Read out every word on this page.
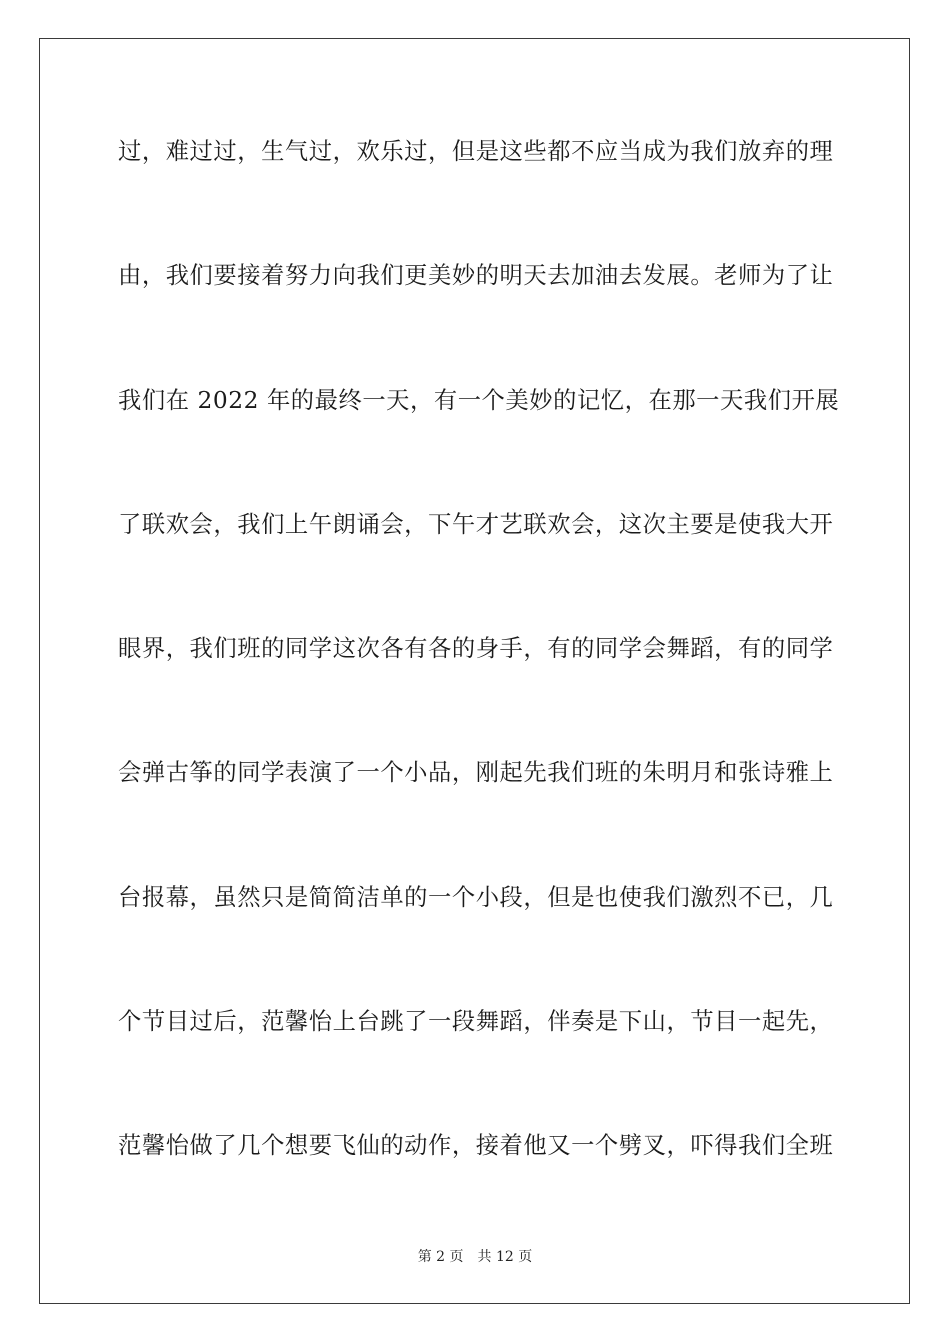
过，难过过，生气过，欢乐过，但是这些都不应当成为我们放弃的理
由，我们要接着努力向我们更美妙的明天去加油去发展。老师为了让
我们在 2022 年的最终一天，有一个美妙的记忆，在那一天我们开展
了联欢会，我们上午朗诵会，下午才艺联欢会，这次主要是使我大开
眼界，我们班的同学这次各有各的身手，有的同学会舞蹈，有的同学
会弹古筝的同学表演了一个小品，刚起先我们班的朱明月和张诗雅上
台报幕，虽然只是简简洁单的一个小段，但是也使我们激烈不已，几
个节目过后，范馨怡上台跳了一段舞蹈，伴奏是下山，节目一起先，
范馨怡做了几个想要飞仙的动作，接着他又一个劈叉，吓得我们全班
第 2 页 共 12 页
